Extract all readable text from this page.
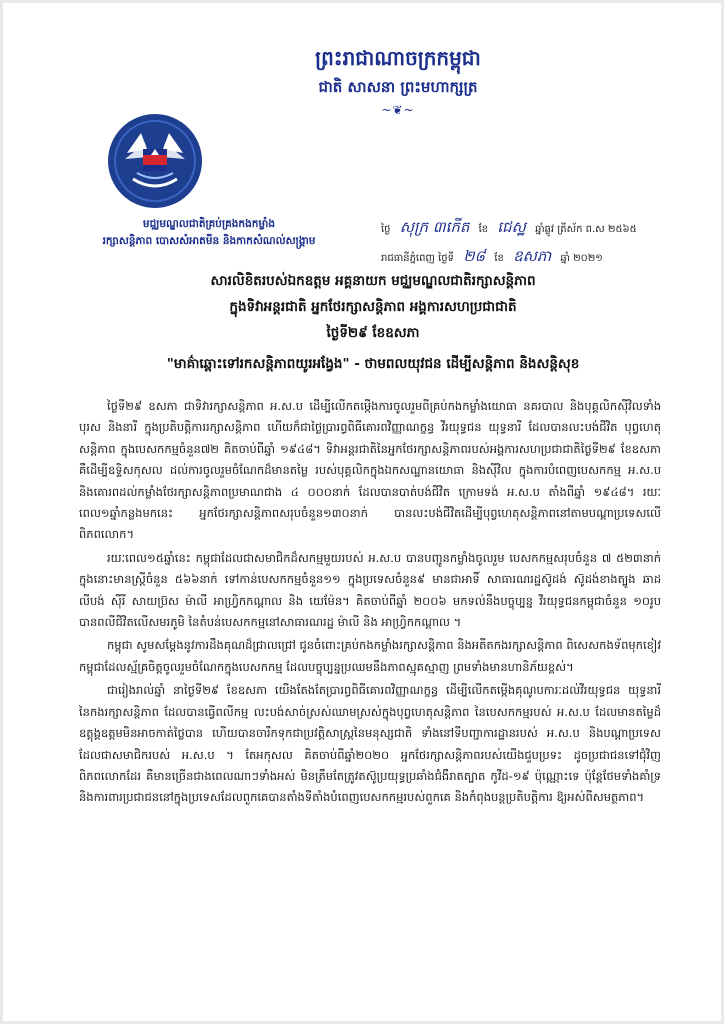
ព្រះរាជាណាចក្រកម្ពុជា
ជាតិ សាសនា ព្រះមហាក្សត្រ
~❦~
មជ្ឈមណ្ឌលជាតិគ្រប់គ្រងកងកម្លាំង
រក្សាសន្តិភាព បោសសំអាតមីន និងកាកសំណល់សង្គ្រាម
ថ្ងៃ សុក្រ ៣កើត ខែ ជេស្ឋ ឆ្នាំឆ្លូវ ត្រីស័ក ព.ស ២៥៦៥
រាជធានីភ្នំពេញ ថ្ងៃទី ២៨ ខែ ឧសភា ឆ្នាំ ២០២១
សារលិខិតរបស់ឯកឧត្តម អគ្គនាយក មជ្ឈមណ្ឌលជាតិរក្សាសន្តិភាព
ក្នុងទិវាអន្តរជាតិ អ្នកថែរក្សាសន្តិភាព អង្គការសហប្រជាជាតិ
ថ្ងៃទី២៩ ខែឧសភា
"មាគ៌ាឆ្ពោះទៅរកសន្តិភាពយូរអង្វែង" - ថាមពលយុវជន ដើម្បីសន្តិភាព និងសន្តិសុខ

ថ្ងៃទី២៩ ឧសភា ជាទិវារក្សាសន្តិភាព អ.ស.ប ដើម្បីលើកតម្កើងការចូលរួមពីគ្រប់កងកម្លាំងយោធា នគរបាល និងបុគ្គលិកស៊ីវិលទាំងបុរស និងនារី ក្នុងប្រតិបត្តិការរក្សាសន្តិភាព ហើយក៏ជាថ្ងៃប្រារព្ធពិធីគោរពវិញ្ញាណក្ខន្ធ វីរយុទ្ធជន យុទ្ធនារី ដែលបានលះបង់ជីវិត បុព្វហេតុសន្តិភាព ក្នុងបេសកកម្មចំនួន៧២ គិតចាប់ពីឆ្នាំ ១៩៤៨។ ទិវាអន្តរជាតិនៃអ្នកថែរក្សាសន្តិភាពរបស់អង្គការសហប្រជាជាតិថ្ងៃទី២៩ ខែឧសភា គឺដើម្បីឧទ្ទិសកុសល ដល់ការចូលរួមចំណែកដ៏មានតម្លៃ របស់បុគ្គលិកក្នុងឯកសណ្ឋានយោធា និងស៊ីវិល ក្នុងការបំពេញបេសកកម្ម អ.ស.ប និងគោរពដល់កម្លាំងថែរក្សាសន្តិភាពប្រមាណជាង ៤ ០០០នាក់ ដែលបានបាត់បង់ជីវិត ក្រោមទង់ អ.ស.ប តាំងពីឆ្នាំ ១៩៤៨។ រយៈពេល១ឆ្នាំកន្លងមកនេះ អ្នកថែរក្សាសន្តិភាពសរុបចំនួន១៣០នាក់ បានលះបង់ជីវិតដើម្បីបុព្វហេតុសន្តិភាពនៅតាមបណ្តាប្រទេសលើពិភពលោក។

រយៈពេល១៥ឆ្នាំនេះ កម្ពុជាដែលជាសមាជិកដ៏សកម្មមួយរបស់ អ.ស.ប បានបញ្ជូនកម្លាំងចូលរួម បេសកកម្មសរុបចំនួន ៧ ៥២៣នាក់ ក្នុងនោះមានស្ត្រីចំនួន ៥៦៦នាក់ ទៅកាន់បេសកកម្មចំនួន១១ ក្នុងប្រទេសចំនួន៩ មានជាអាទិ៍ សាធារណរដ្ឋស៊ូដង់ ស៊ូដង់ខាងត្បូង ឆាដ លីបង់ ស៊ីរី សាយប្រ៊ស ម៉ាលី អាហ្វ្រិកកណ្តាល និង យេម៉ែន។ គិតចាប់ពីឆ្នាំ ២០០៦ មកទល់នឹងបច្ចុប្បន្ន វីរយុទ្ធជនកម្ពុជាចំនួន ១០រូប បានពលីជីវិតលើសមរភូមិ នៃតំបន់បេសកកម្មនៅសាធារណរដ្ឋ ម៉ាលី និង អាហ្វ្រិកកណ្តាល ។

កម្ពុជា សូមសម្តែងនូវការដឹងគុណដ៏ជ្រាលជ្រៅ ជូនចំពោះគ្រប់កងកម្លាំងរក្សាសន្តិភាព និងអតីតកងរក្សាសន្តិភាព ពិសេសកងទ័ពមុកខៀវកម្ពុជាដែលស្ម័គ្រចិត្តចូលរួមចំណែកក្នុងបេសកកម្ម ដែលបច្ចុប្បន្នប្រឈមនឹងភាពស្មុគស្មាញ ព្រមទាំងមានហានិភ័យខ្ពស់។

ជារៀងរាល់ឆ្នាំ នាថ្ងៃទី២៩ ខែឧសភា យើងតែងតែប្រារព្ធពិធីគោរពវិញ្ញាណក្ខន្ធ ដើម្បីលើកតម្កើងគុណូបការៈដល់វីរយុទ្ធជន យុទ្ធនារី នៃកងរក្សាសន្តិភាព ដែលបានធ្វើពលីកម្ម លះបង់សាច់ស្រស់ឈាមស្រស់ក្នុងបុព្វហេតុសន្តិភាព នៃបេសកកម្មរបស់ អ.ស.ប ដែលមានតម្លៃដ៏ឧត្តុង្គឧត្តមមិនអាចកាត់ថ្លៃបាន ហើយបានចារឹកទុកជាប្រវត្តិសាស្ត្រនៃមនុស្សជាតិ ទាំងនៅទីបញ្ជាការដ្ឋានរបស់ អ.ស.ប និងបណ្តាប្រទេសដែលជាសមាជិករបស់ អ.ស.ប ។ តែអកុសល គិតចាប់ពីឆ្នាំ២០២០ អ្នកថែរក្សាសន្តិភាពរបស់យើងជួបប្រទះ ដូចប្រជាជនទៅជុំវិញពិភពលោកដែរ គឺមានច្រើនជាងពេលណាៗទាំងអស់ មិនត្រឹមតែត្រូវតស៊ូប្រយុទ្ធប្រឆាំងជំងឺរាតត្បាត កូវីដ-១៩ ប៉ុណ្ណោះទេ ប៉ុន្តែថែមទាំងគាំទ្រនិងការពារប្រជាជននៅក្នុងប្រទេសដែលពួកគេបានតាំងទីតាំងបំពេញបេសកកម្មរបស់ពួកគេ និងកំពុងបន្តប្រតិបត្តិការ ឱ្យអស់ពីសមត្ថភាព។
